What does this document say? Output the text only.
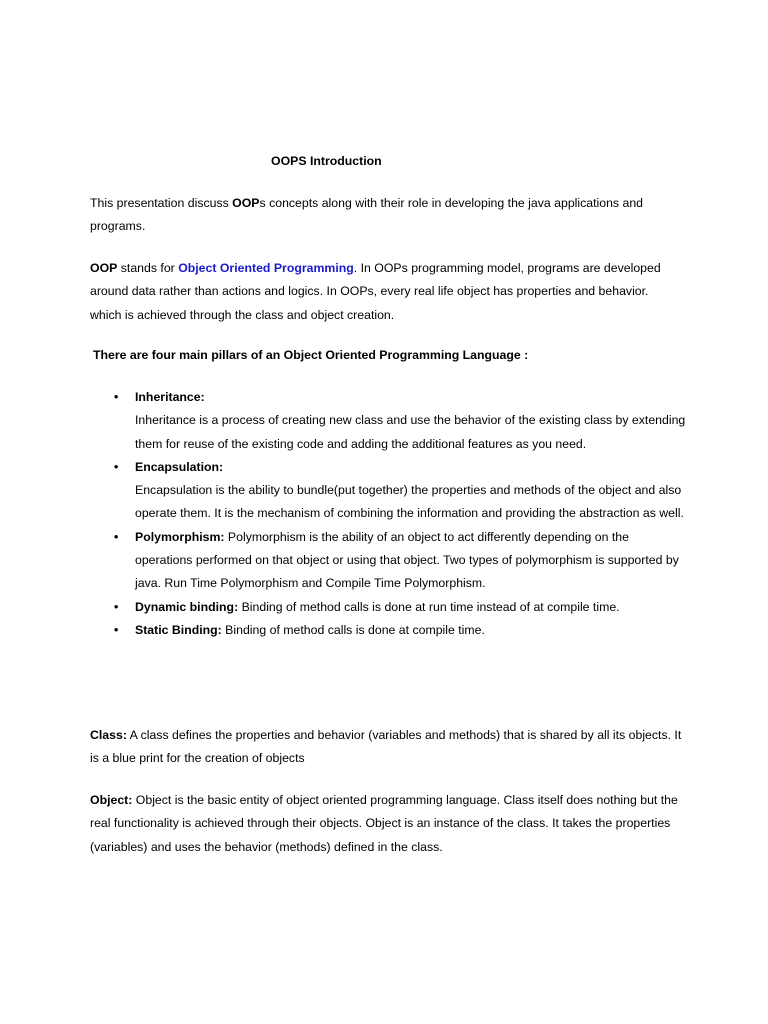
OOPS Introduction

This presentation discuss OOPs concepts along with their role in developing the java applications and programs.

OOP stands for Object Oriented Programming. In OOPs programming model, programs are developed around data rather than actions and logics. In OOPs, every real life object has properties and behavior. which is achieved through the class and object creation.

There are four main pillars of an Object Oriented Programming Language :

• Inheritance:
Inheritance is a process of creating new class and use the behavior of the existing class by extending them for reuse of the existing code and adding the additional features as you need.
• Encapsulation:
Encapsulation is the ability to bundle(put together) the properties and methods of the object and also operate them. It is the mechanism of combining the information and providing the abstraction as well.
• Polymorphism: Polymorphism is the ability of an object to act differently depending on the operations performed on that object or using that object. Two types of polymorphism is supported by java. Run Time Polymorphism and Compile Time Polymorphism.
• Dynamic binding: Binding of method calls is done at run time instead of at compile time.
• Static Binding: Binding of method calls is done at compile time.

Class: A class defines the properties and behavior (variables and methods) that is shared by all its objects. It is a blue print for the creation of objects

Object: Object is the basic entity of object oriented programming language. Class itself does nothing but the real functionality is achieved through their objects. Object is an instance of the class. It takes the properties (variables) and uses the behavior (methods) defined in the class.
